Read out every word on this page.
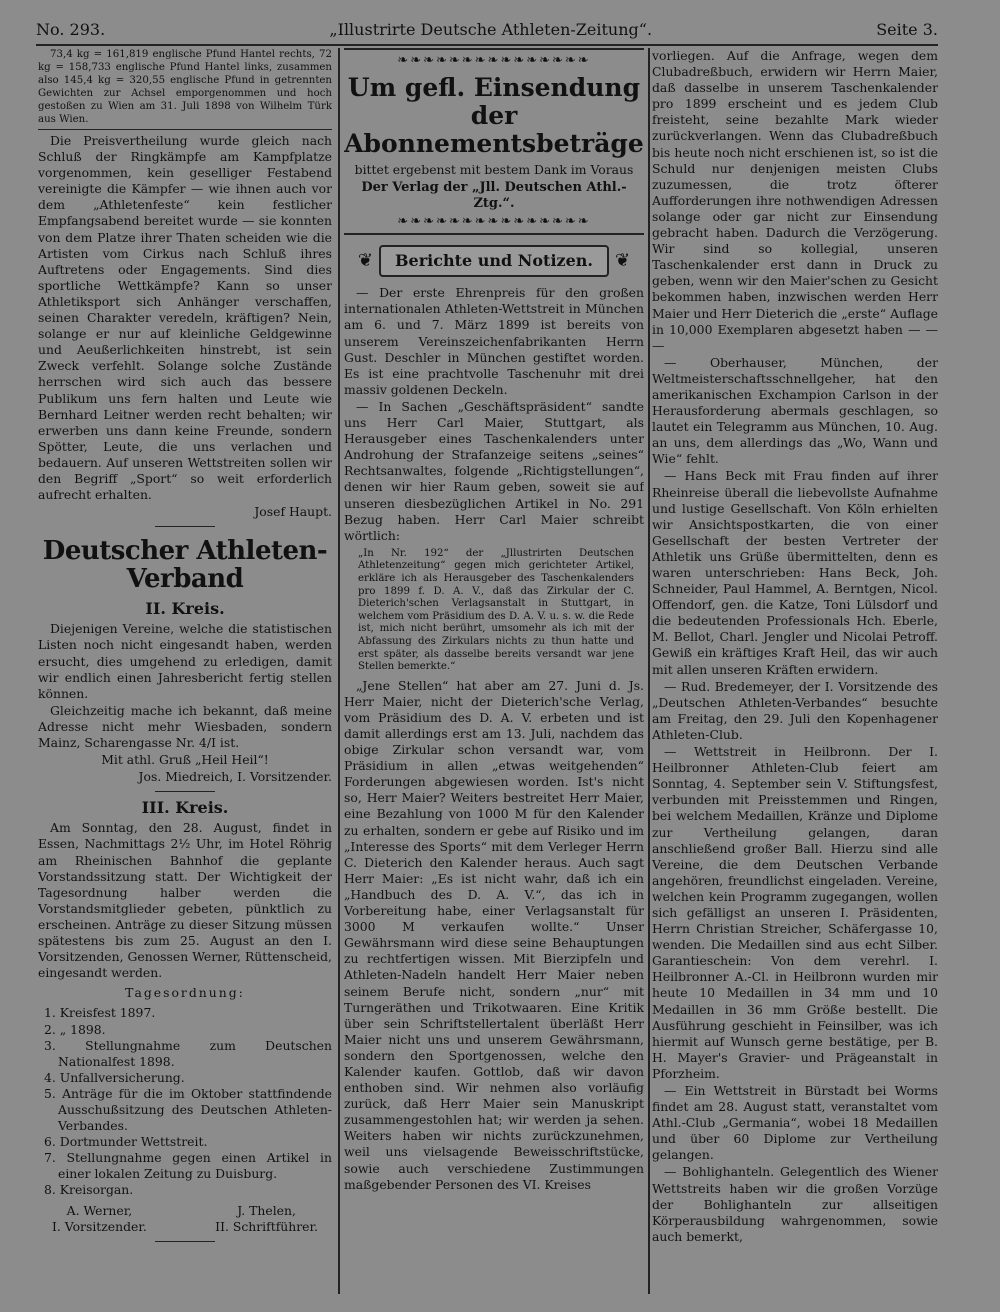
No. 293.	„Illustrirte Deutsche Athleten-Zeitung“.	Seite 3.

73,4 kg = 161,819 englische Pfund Hantel rechts, 72 kg = 158,733 englische Pfund Hantel links, zusammen also 145,4 kg = 320,55 englische Pfund in getrennten Gewichten zur Achsel emporgenommen und hoch gestoßen zu Wien am 31. Juli 1898 von Wilhelm Türk aus Wien.

Die Preisvertheilung wurde gleich nach Schluß der Ringkämpfe am Kampfplatze vorgenommen, kein geselliger Festabend vereinigte die Kämpfer — wie ihnen auch vor dem „Athletenfeste“ kein festlicher Empfangsabend bereitet wurde — sie konnten von dem Platze ihrer Thaten scheiden wie die Artisten vom Cirkus nach Schluß ihres Auftretens oder Engagements. Sind dies sportliche Wettkämpfe? Kann so unser Athletiksport sich Anhänger verschaffen, seinen Charakter veredeln, kräftigen? Nein, solange er nur auf kleinliche Geldgewinne und Aeußerlichkeiten hinstrebt, ist sein Zweck verfehlt. Solange solche Zustände herrschen wird sich auch das bessere Publikum uns fern halten und Leute wie Bernhard Leitner werden recht behalten; wir erwerben uns dann keine Freunde, sondern Spötter, Leute, die uns verlachen und bedauern. Auf unseren Wettstreiten sollen wir den Begriff „Sport“ so weit erforderlich aufrecht erhalten.

Josef Haupt.

Deutscher Athleten-Verband
II. Kreis.

Diejenigen Vereine, welche die statistischen Listen noch nicht eingesandt haben, werden ersucht, dies umgehend zu erledigen, damit wir endlich einen Jahresbericht fertig stellen können.

Gleichzeitig mache ich bekannt, daß meine Adresse nicht mehr Wiesbaden, sondern Mainz, Scharengasse Nr. 4/I ist.

Mit athl. Gruß „Heil Heil“!

Jos. Miedreich, I. Vorsitzender.

III. Kreis.

Am Sonntag, den 28. August, findet in Essen, Nachmittags 2½ Uhr, im Hotel Röhrig am Rheinischen Bahnhof die geplante Vorstandssitzung statt. Der Wichtigkeit der Tagesordnung halber werden die Vorstandsmitglieder gebeten, pünktlich zu erscheinen. Anträge zu dieser Sitzung müssen spätestens bis zum 25. August an den I. Vorsitzenden, Genossen Werner, Rüttenscheid, eingesandt werden.

Tagesordnung:

1. Kreisfest 1897.
2. „ 1898.
3. Stellungnahme zum Deutschen Nationalfest 1898.
4. Unfallversicherung.
5. Anträge für die im Oktober stattfindende Ausschußsitzung des Deutschen Athleten-Verbandes.
6. Dortmunder Wettstreit.
7. Stellungnahme gegen einen Artikel in einer lokalen Zeitung zu Duisburg.
8. Kreisorgan.
A. Werner,
I. Vorsitzender.
J. Thelen,
II. Schriftführer.
❧❧❧❧❧❧❧❧❧❧❧❧❧❧❧
Um gefl. Einsendung der Abonnementsbeträge
bittet ergebenst mit bestem Dank im Voraus
Der Verlag der „Jll. Deutschen Athl.-Ztg.“.
❧❧❧❧❧❧❧❧❧❧❧❧❧❧❧
❦	Berichte und Notizen.	❦

— Der erste Ehrenpreis für den großen internationalen Athleten-Wettstreit in München am 6. und 7. März 1899 ist bereits von unserem Vereinszeichenfabrikanten Herrn Gust. Deschler in München gestiftet worden. Es ist eine prachtvolle Taschenuhr mit drei massiv goldenen Deckeln.

— In Sachen „Geschäftspräsident“ sandte uns Herr Carl Maier, Stuttgart, als Herausgeber eines Taschenkalenders unter Androhung der Strafanzeige seitens „seines“ Rechtsanwaltes, folgende „Richtigstellungen“, denen wir hier Raum geben, soweit sie auf unseren diesbezüglichen Artikel in No. 291 Bezug haben. Herr Carl Maier schreibt wörtlich:

„In Nr. 192“ der „Jllustrirten Deutschen Athletenzeitung“ gegen mich gerichteter Artikel, erkläre ich als Herausgeber des Taschenkalenders pro 1899 f. D. A. V., daß das Zirkular der C. Dieterich'schen Verlagsanstalt in Stuttgart, in welchem vom Präsidium des D. A. V. u. s. w. die Rede ist, mich nicht berührt, umsomehr als ich mit der Abfassung des Zirkulars nichts zu thun hatte und erst später, als dasselbe bereits versandt war jene Stellen bemerkte.“

„Jene Stellen“ hat aber am 27. Juni d. Js. Herr Maier, nicht der Dieterich'sche Verlag, vom Präsidium des D. A. V. erbeten und ist damit allerdings erst am 13. Juli, nachdem das obige Zirkular schon versandt war, vom Präsidium in allen „etwas weitgehenden“ Forderungen abgewiesen worden. Ist's nicht so, Herr Maier? Weiters bestreitet Herr Maier, eine Bezahlung von 1000 M für den Kalender zu erhalten, sondern er gebe auf Risiko und im „Interesse des Sports“ mit dem Verleger Herrn C. Dieterich den Kalender heraus. Auch sagt Herr Maier: „Es ist nicht wahr, daß ich ein „Handbuch des D. A. V.“, das ich in Vorbereitung habe, einer Verlagsanstalt für 3000 M verkaufen wollte.“ Unser Gewährsmann wird diese seine Behauptungen zu rechtfertigen wissen. Mit Bierzipfeln und Athleten-Nadeln handelt Herr Maier neben seinem Berufe nicht, sondern „nur“ mit Turngeräthen und Trikotwaaren. Eine Kritik über sein Schriftstellertalent überläßt Herr Maier nicht uns und unserem Gewährsmann, sondern den Sportgenossen, welche den Kalender kaufen. Gottlob, daß wir davon enthoben sind. Wir nehmen also vorläufig zurück, daß Herr Maier sein Manuskript zusammengestohlen hat; wir werden ja sehen. Weiters haben wir nichts zurückzunehmen, weil uns vielsagende Beweisschriftstücke, sowie auch verschiedene Zustimmungen maßgebender Personen des VI. Kreises

vorliegen. Auf die Anfrage, wegen dem Clubadreßbuch, erwidern wir Herrn Maier, daß dasselbe in unserem Taschenkalender pro 1899 erscheint und es jedem Club freisteht, seine bezahlte Mark wieder zurückverlangen. Wenn das Clubadreßbuch bis heute noch nicht erschienen ist, so ist die Schuld nur denjenigen meisten Clubs zuzumessen, die trotz öfterer Aufforderungen ihre nothwendigen Adressen solange oder gar nicht zur Einsendung gebracht haben. Dadurch die Verzögerung. Wir sind so kollegial, unseren Taschenkalender erst dann in Druck zu geben, wenn wir den Maier'schen zu Gesicht bekommen haben, inzwischen werden Herr Maier und Herr Dieterich die „erste“ Auflage in 10,000 Exemplaren abgesetzt haben — — —

— Oberhauser, München, der Weltmeisterschaftsschnellgeher, hat den amerikanischen Exchampion Carlson in der Herausforderung abermals geschlagen, so lautet ein Telegramm aus München, 10. Aug. an uns, dem allerdings das „Wo, Wann und Wie“ fehlt.

— Hans Beck mit Frau finden auf ihrer Rheinreise überall die liebevollste Aufnahme und lustige Gesellschaft. Von Köln erhielten wir Ansichtspostkarten, die von einer Gesellschaft der besten Vertreter der Athletik uns Grüße übermittelten, denn es waren unterschrieben: Hans Beck, Joh. Schneider, Paul Hammel, A. Berntgen, Nicol. Offendorf, gen. die Katze, Toni Lülsdorf und die bedeutenden Professionals Hch. Eberle, M. Bellot, Charl. Jengler und Nicolai Petroff. Gewiß ein kräftiges Kraft Heil, das wir auch mit allen unseren Kräften erwidern.

— Rud. Bredemeyer, der I. Vorsitzende des „Deutschen Athleten-Verbandes“ besuchte am Freitag, den 29. Juli den Kopenhagener Athleten-Club.

— Wettstreit in Heilbronn. Der I. Heilbronner Athleten-Club feiert am Sonntag, 4. September sein V. Stiftungsfest, verbunden mit Preisstemmen und Ringen, bei welchem Medaillen, Kränze und Diplome zur Vertheilung gelangen, daran anschließend großer Ball. Hierzu sind alle Vereine, die dem Deutschen Verbande angehören, freundlichst eingeladen. Vereine, welchen kein Programm zugegangen, wollen sich gefälligst an unseren I. Präsidenten, Herrn Christian Streicher, Schäfergasse 10, wenden. Die Medaillen sind aus echt Silber. Garantieschein: Von dem verehrl. I. Heilbronner A.-Cl. in Heilbronn wurden mir heute 10 Medaillen in 34 mm und 10 Medaillen in 36 mm Größe bestellt. Die Ausführung geschieht in Feinsilber, was ich hiermit auf Wunsch gerne bestätige, per B. H. Mayer's Gravier- und Prägeanstalt in Pforzheim.

— Ein Wettstreit in Bürstadt bei Worms findet am 28. August statt, veranstaltet vom Athl.-Club „Germania“, wobei 18 Medaillen und über 60 Diplome zur Vertheilung gelangen.

— Bohlighanteln. Gelegentlich des Wiener Wettstreits haben wir die großen Vorzüge der Bohlighanteln zur allseitigen Körperausbildung wahrgenommen, sowie auch bemerkt,
